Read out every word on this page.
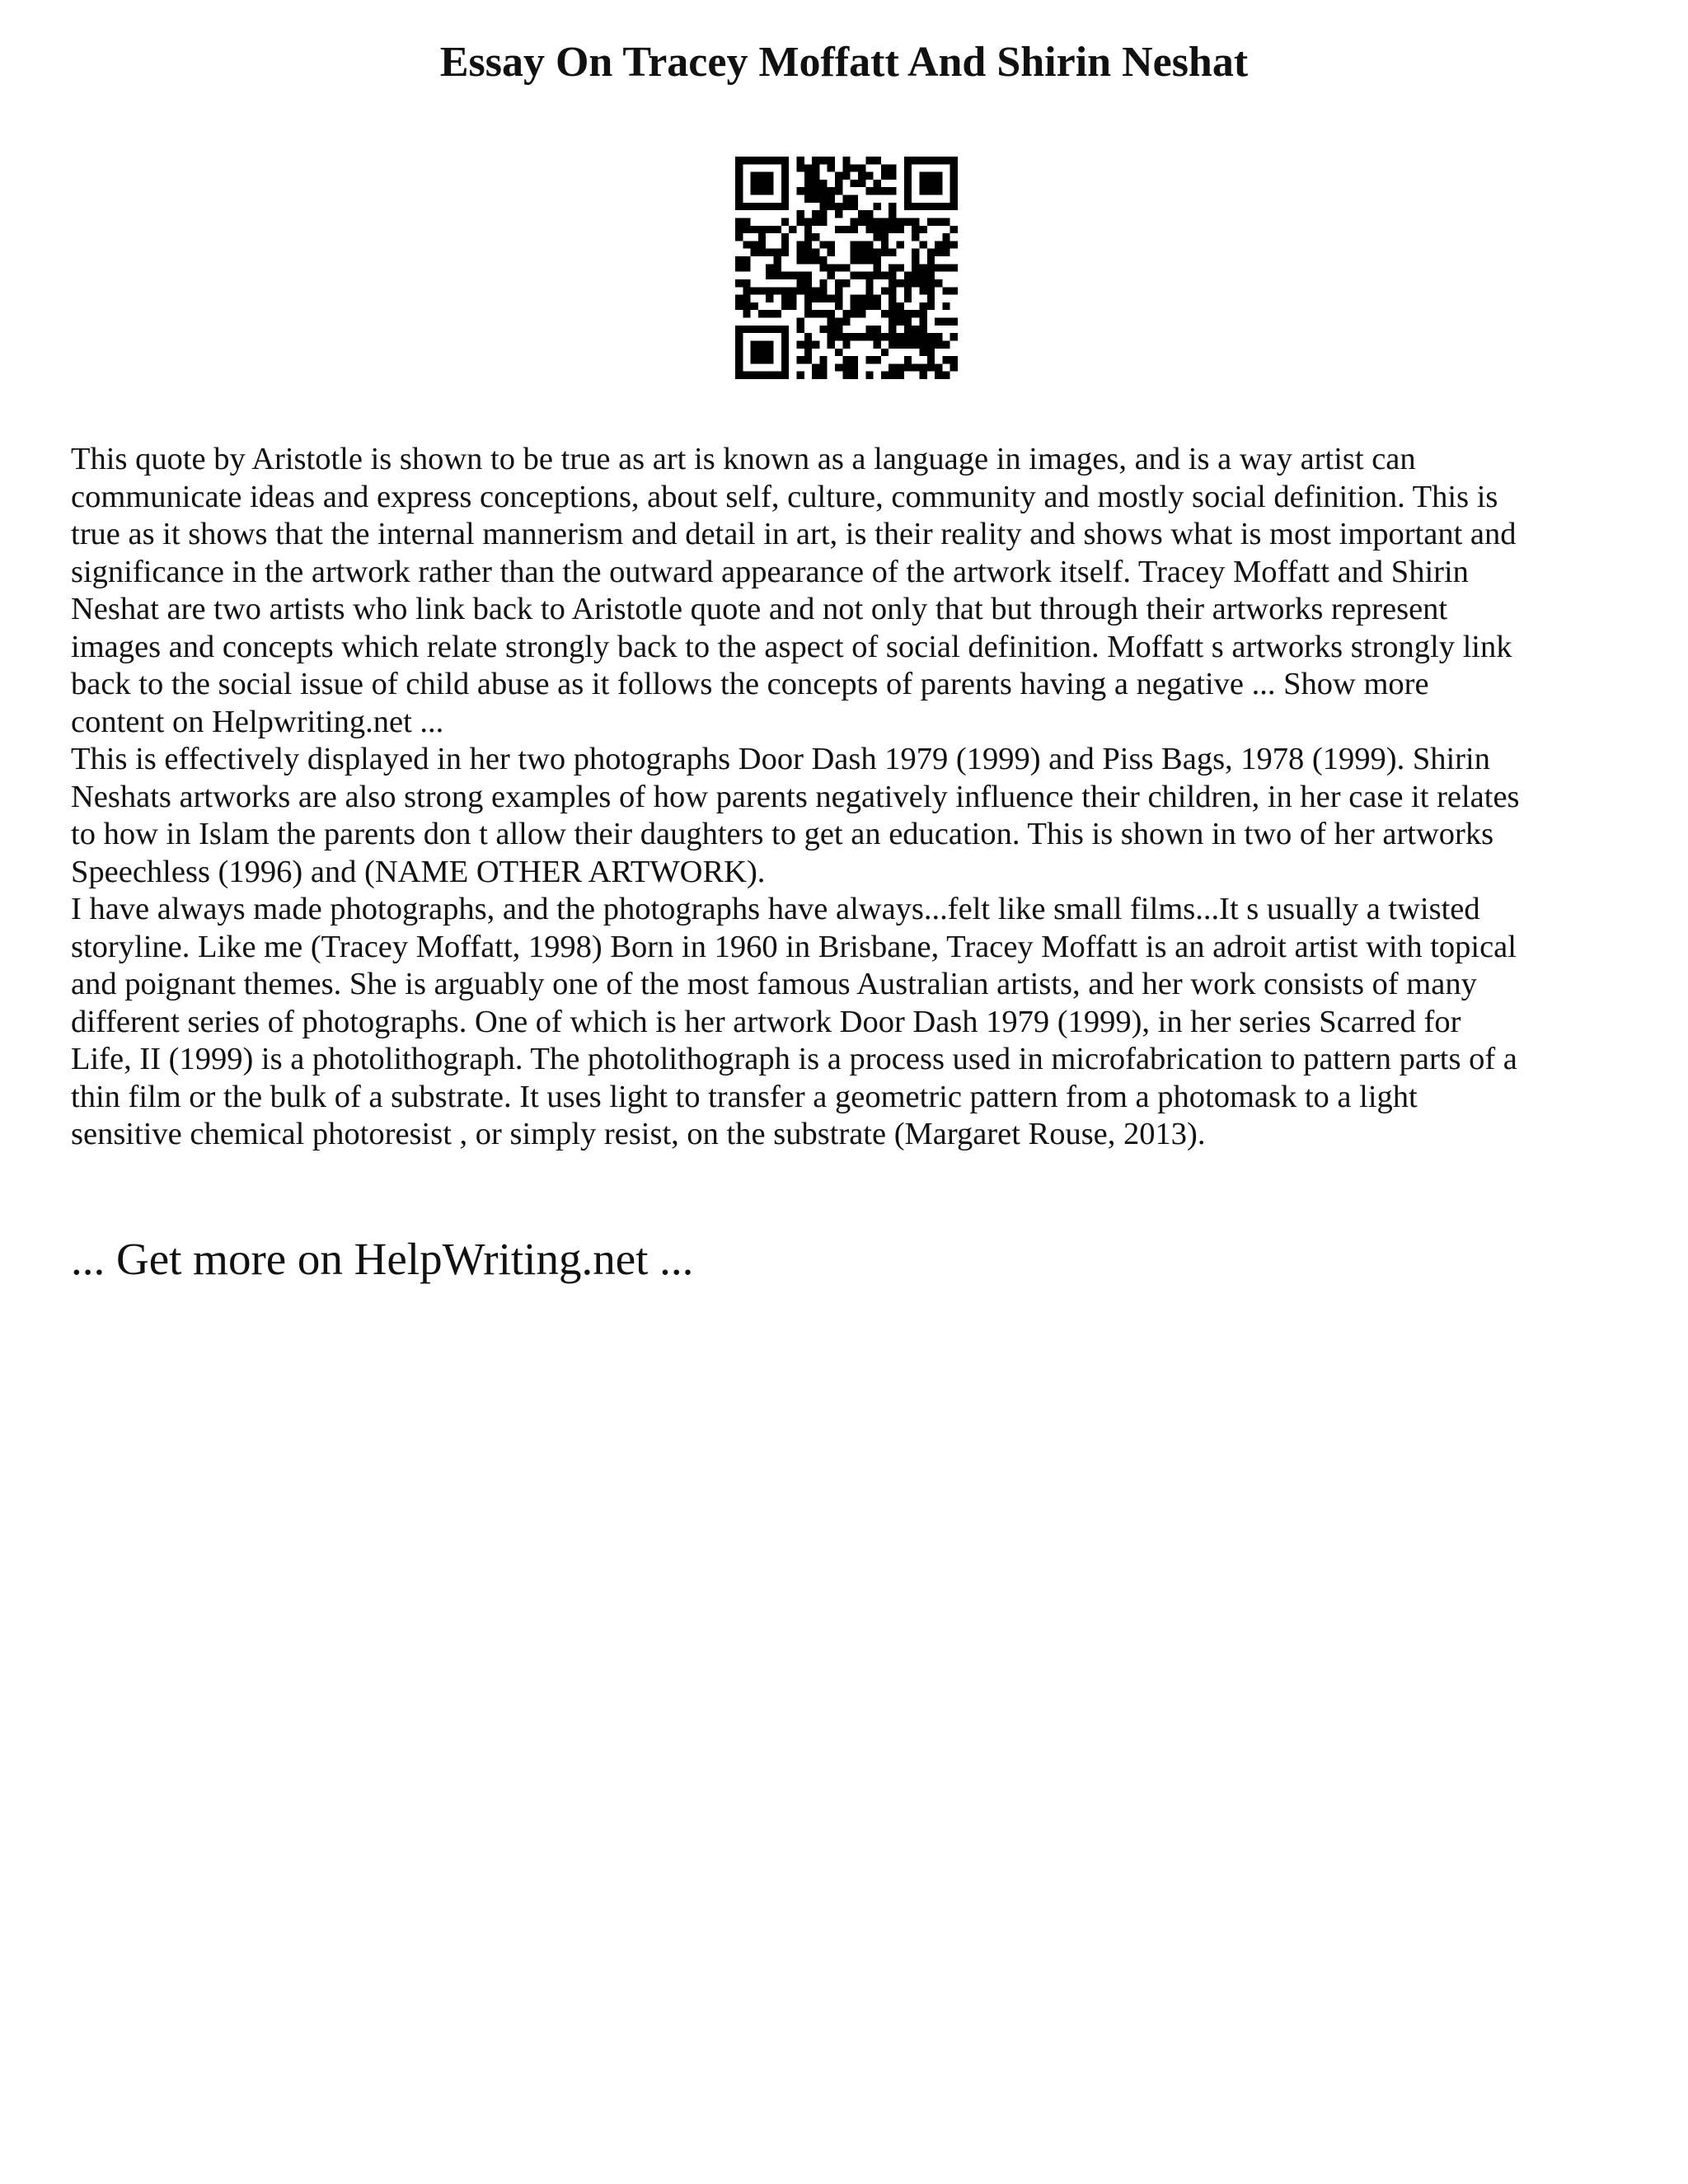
Essay On Tracey Moffatt And Shirin Neshat
This quote by Aristotle is shown to be true as art is known as a language in images, and is a way artist can
communicate ideas and express conceptions, about self, culture, community and mostly social definition. This is
true as it shows that the internal mannerism and detail in art, is their reality and shows what is most important and
significance in the artwork rather than the outward appearance of the artwork itself. Tracey Moffatt and Shirin
Neshat are two artists who link back to Aristotle quote and not only that but through their artworks represent
images and concepts which relate strongly back to the aspect of social definition. Moffatt s artworks strongly link
back to the social issue of child abuse as it follows the concepts of parents having a negative ... Show more
content on Helpwriting.net ...
This is effectively displayed in her two photographs Door Dash 1979 (1999) and Piss Bags, 1978 (1999). Shirin
Neshats artworks are also strong examples of how parents negatively influence their children, in her case it relates
to how in Islam the parents don t allow their daughters to get an education. This is shown in two of her artworks
Speechless (1996) and (NAME OTHER ARTWORK).
I have always made photographs, and the photographs have always...felt like small films...It s usually a twisted
storyline. Like me (Tracey Moffatt, 1998) Born in 1960 in Brisbane, Tracey Moffatt is an adroit artist with topical
and poignant themes. She is arguably one of the most famous Australian artists, and her work consists of many
different series of photographs. One of which is her artwork Door Dash 1979 (1999), in her series Scarred for
Life, II (1999) is a photolithograph. The photolithograph is a process used in microfabrication to pattern parts of a
thin film or the bulk of a substrate. It uses light to transfer a geometric pattern from a photomask to a light
sensitive chemical photoresist , or simply resist, on the substrate (Margaret Rouse, 2013).
... Get more on HelpWriting.net ...
